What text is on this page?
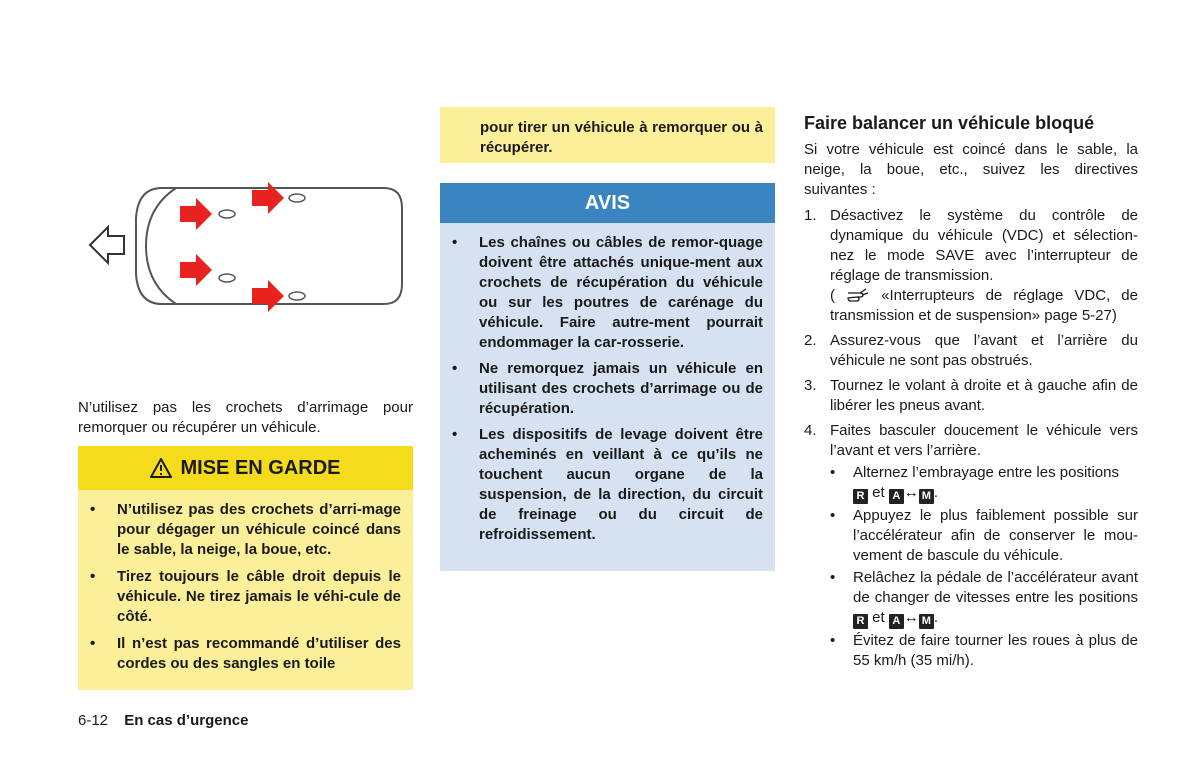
N’utilisez pas les crochets d’arrimage pour remorquer ou récupérer un véhicule.

MISE EN GARDE
• N’utilisez pas des crochets d’arri-mage pour dégager un véhicule coincé dans le sable, la neige, la boue, etc.
• Tirez toujours le câble droit depuis le véhicule. Ne tirez jamais le véhi-cule de côté.
• Il n’est pas recommandé d’utiliser des cordes ou des sangles en toile

pour tirer un véhicule à remorquer ou à récupérer.

AVIS
• Les chaînes ou câbles de remor-quage doivent être attachés unique-ment aux crochets de récupération du véhicule ou sur les poutres de carénage du véhicule. Faire autre-ment pourrait endommager la car-rosserie.
• Ne remorquez jamais un véhicule en utilisant des crochets d’arrimage ou de récupération.
• Les dispositifs de levage doivent être acheminés en veillant à ce qu’ils ne touchent aucun organe de la suspension, de la direction, du circuit de freinage ou du circuit de refroidissement.
Faire balancer un véhicule bloqué

Si votre véhicule est coincé dans le sable, la neige, la boue, etc., suivez les directives suivantes :

1. Désactivez le système du contrôle de dynamique du véhicule (VDC) et sélection-nez le mode SAVE avec l’interrupteur de réglage de transmission.
(	«Interrupteurs de réglage VDC, de transmission et de suspension» page 5-27)
2. Assurez-vous que l’avant et l’arrière du véhicule ne sont pas obstrués.
3. Tournez le volant à droite et à gauche afin de libérer les pneus avant.
4. Faites basculer doucement le véhicule vers l’avant et vers l’arrière.
• Alternez l’embrayage entre les positions
R et A ↔ M .
• Appuyez le plus faiblement possible sur l’accélérateur afin de conserver le mou-vement de bascule du véhicule.
• Relâchez la pédale de l’accélérateur avant de changer de vitesses entre les positions R et A ↔ M .
• Évitez de faire tourner les roues à plus de 55 km/h (35 mi/h).
6-12 En cas d’urgence
